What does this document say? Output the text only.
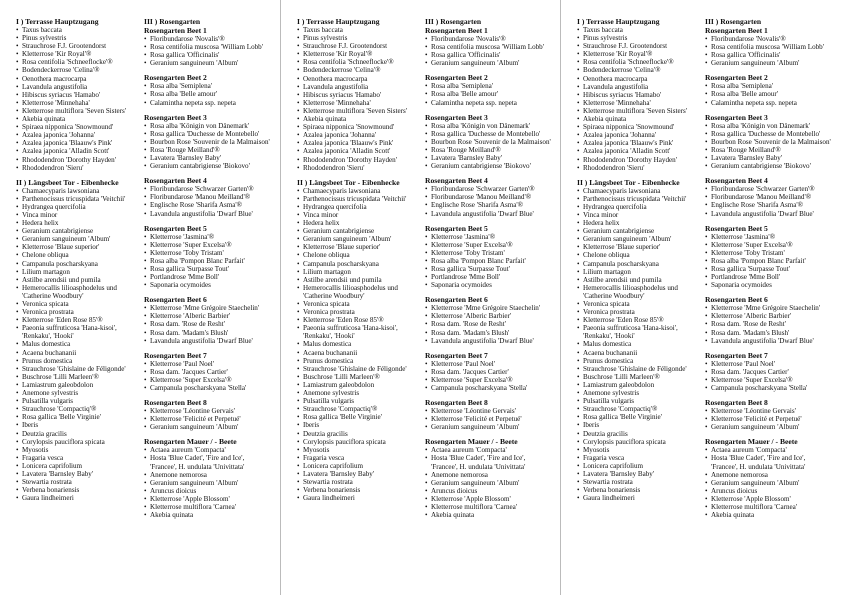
I ) Terrasse Hauptzugang
• Taxus baccata
• Pinus sylvestris
• Strauchrose F.J. Grootendorst
• Kletterrose 'Kir Royal'®
• Rosa centifolia 'Schneeflocke'®
• Bodendeckerrose 'Celina'®
• Oenothera macrocarpa
• Lavandula angustifolia
• Hibiscus syriacus 'Hamabo'
• Kletterrose 'Minnehaha'
• Kletterrose multiflora 'Seven Sisters'
• Akebia quinata
• Spiraea nipponica 'Snowmound'
• Azalea japonica 'Johanna'
• Azalea japonica 'Blaauw's Pink'
• Azalea japonica 'Alladin Scott'
• Rhododendron 'Dorothy Hayden'
• Rhododendron 'Sieru'
II ) Längsbeet Tor - Eibenhecke
• Chamaecyparis lawsoniana
• Parthenocissus tricuspidata 'Veitchii'
• Hydrangea quercifolia
• Vinca minor
• Hedera helix
• Geranium cantabrigiense
• Geranium sanguineum 'Album'
• Kletterrose 'Blaue superior'
• Chelone obliqua
• Campanula poscharskyana
• Lilium martagon
• Astilbe arendsii und pumila
• Hemerocallis lilioasphodelus und 'Catherine Woodbury'
• Veronica spicata
• Veronica prostrata
• Kletterrose 'Eden Rose 85'®
• Paeonia suffruticosa 'Hana-kisoi', 'Renkaku', 'Hooki'
• Malus domestica
• Acaena buchananii
• Prunus domestica
• Strauchrose 'Ghislaine de Féligonde'
• Buschrose 'Lilli Marleen'®
• Lamiastrum galeobdolon
• Anemone sylvestris
• Pulsatilla vulgaris
• Strauchrose 'Compactiq'®
• Rosa gallica 'Belle Virginie'
• Iberis
• Deutzia gracilis
• Corylopsis pauciflora spicata
• Myosotis
• Fragaria vesca
• Lonicera caprifolium
• Lavatera 'Barnsley Baby'
• Stewartia rostrata
• Verbena bonariensis
• Gaura lindheimeri
III ) Rosengarten
Rosengarten Beet 1
• Floribundarose 'Novalis'®
• Rosa centifolia muscosa 'William Lobb'
• Rosa gallica 'Officinalis'
• Geranium sanguineum 'Album'
Rosengarten Beet 2
• Rosa alba 'Semiplena'
• Rosa alba 'Belle amour'
• Calamintha nepeta ssp. nepeta
Rosengarten Beet 3
• Rosa alba 'Königin von Dänemark'
• Rosa gallica 'Duchesse de Montebello'
• Bourbon Rose 'Souvenir de la Malmaison'
• Rosa 'Rouge Meilland'®
• Lavatera 'Barnsley Baby'
• Geranium cantabrigiense 'Biokovo'
Rosengarten Beet 4
• Floribundarose 'Schwarzer Garten'®
• Floribundarose 'Manou Meilland'®
• Englische Rose 'Sharifa Asma'®
• Lavandula angustifolia 'Dwarf Blue'
Rosengarten Beet 5
• Kletterrose 'Jasmina'®
• Kletterrose 'Super Excelsa'®
• Kletterrose 'Toby Tristam'
• Rosa alba 'Pompon Blanc Parfait'
• Rosa gallica 'Surpasse Tout'
• Portlandrose 'Mme Boll'
• Saponaria ocymoides
Rosengarten Beet 6
• Kletterrose 'Mme Grégoire Staechelin'
• Kletterrose 'Alberic Barbier'
• Rosa dam. 'Rose de Resht'
• Rosa dam. 'Madam's Blush'
• Lavandula angustifolia 'Dwarf Blue'
Rosengarten Beet 7
• Kletterrose 'Paul Noel'
• Rosa dam. 'Jacques Cartier'
• Kletterrose 'Super Excelsa'®
• Campanula poscharskyana 'Stella'
Rosengarten Beet 8
• Kletterrose 'Léontine Gervais'
• Kletterrose 'Felicité et Perpetué'
• Geranium sanguineum 'Album'
Rosengarten Mauer / - Beete
• Actaea aureum 'Compacta'
• Hosta 'Blue Cadet', 'Fire and Ice', 'Francee', H. undulata 'Univittata'
• Anemone nemorosa
• Geranium sanguineum 'Album'
• Aruncus dioicus
• Kletterrose 'Apple Blossom'
• Kletterrose multiflora 'Carnea'
• Akebia quinata
I ) Terrasse Hauptzugang
• Taxus baccata
• Pinus sylvestris
• Strauchrose F.J. Grootendorst
• Kletterrose 'Kir Royal'®
• Rosa centifolia 'Schneeflocke'®
• Bodendeckerrose 'Celina'®
• Oenothera macrocarpa
• Lavandula angustifolia
• Hibiscus syriacus 'Hamabo'
• Kletterrose 'Minnehaha'
• Kletterrose multiflora 'Seven Sisters'
• Akebia quinata
• Spiraea nipponica 'Snowmound'
• Azalea japonica 'Johanna'
• Azalea japonica 'Blaauw's Pink'
• Azalea japonica 'Alladin Scott'
• Rhododendron 'Dorothy Hayden'
• Rhododendron 'Sieru'
II ) Längsbeet Tor - Eibenhecke
• Chamaecyparis lawsoniana
• Parthenocissus tricuspidata 'Veitchii'
• Hydrangea quercifolia
• Vinca minor
• Hedera helix
• Geranium cantabrigiense
• Geranium sanguineum 'Album'
• Kletterrose 'Blaue superior'
• Chelone obliqua
• Campanula poscharskyana
• Lilium martagon
• Astilbe arendsii und pumila
• Hemerocallis lilioasphodelus und 'Catherine Woodbury'
• Veronica spicata
• Veronica prostrata
• Kletterrose 'Eden Rose 85'®
• Paeonia suffruticosa 'Hana-kisoi', 'Renkaku', 'Hooki'
• Malus domestica
• Acaena buchananii
• Prunus domestica
• Strauchrose 'Ghislaine de Féligonde'
• Buschrose 'Lilli Marleen'®
• Lamiastrum galeobdolon
• Anemone sylvestris
• Pulsatilla vulgaris
• Strauchrose 'Compactiq'®
• Rosa gallica 'Belle Virginie'
• Iberis
• Deutzia gracilis
• Corylopsis pauciflora spicata
• Myosotis
• Fragaria vesca
• Lonicera caprifolium
• Lavatera 'Barnsley Baby'
• Stewartia rostrata
• Verbena bonariensis
• Gaura lindheimeri
III ) Rosengarten
Rosengarten Beet 1
• Floribundarose 'Novalis'®
• Rosa centifolia muscosa 'William Lobb'
• Rosa gallica 'Officinalis'
• Geranium sanguineum 'Album'
Rosengarten Beet 2
• Rosa alba 'Semiplena'
• Rosa alba 'Belle amour'
• Calamintha nepeta ssp. nepeta
Rosengarten Beet 3
• Rosa alba 'Königin von Dänemark'
• Rosa gallica 'Duchesse de Montebello'
• Bourbon Rose 'Souvenir de la Malmaison'
• Rosa 'Rouge Meilland'®
• Lavatera 'Barnsley Baby'
• Geranium cantabrigiense 'Biokovo'
Rosengarten Beet 4
• Floribundarose 'Schwarzer Garten'®
• Floribundarose 'Manou Meilland'®
• Englische Rose 'Sharifa Asma'®
• Lavandula angustifolia 'Dwarf Blue'
Rosengarten Beet 5
• Kletterrose 'Jasmina'®
• Kletterrose 'Super Excelsa'®
• Kletterrose 'Toby Tristam'
• Rosa alba 'Pompon Blanc Parfait'
• Rosa gallica 'Surpasse Tout'
• Portlandrose 'Mme Boll'
• Saponaria ocymoides
Rosengarten Beet 6
• Kletterrose 'Mme Grégoire Staechelin'
• Kletterrose 'Alberic Barbier'
• Rosa dam. 'Rose de Resht'
• Rosa dam. 'Madam's Blush'
• Lavandula angustifolia 'Dwarf Blue'
Rosengarten Beet 7
• Kletterrose 'Paul Noel'
• Rosa dam. 'Jacques Cartier'
• Kletterrose 'Super Excelsa'®
• Campanula poscharskyana 'Stella'
Rosengarten Beet 8
• Kletterrose 'Léontine Gervais'
• Kletterrose 'Felicité et Perpetué'
• Geranium sanguineum 'Album'
Rosengarten Mauer / - Beete
• Actaea aureum 'Compacta'
• Hosta 'Blue Cadet', 'Fire and Ice', 'Francee', H. undulata 'Univittata'
• Anemone nemorosa
• Geranium sanguineum 'Album'
• Aruncus dioicus
• Kletterrose 'Apple Blossom'
• Kletterrose multiflora 'Carnea'
• Akebia quinata
I ) Terrasse Hauptzugang
• Taxus baccata
• Pinus sylvestris
• Strauchrose F.J. Grootendorst
• Kletterrose 'Kir Royal'®
• Rosa centifolia 'Schneeflocke'®
• Bodendeckerrose 'Celina'®
• Oenothera macrocarpa
• Lavandula angustifolia
• Hibiscus syriacus 'Hamabo'
• Kletterrose 'Minnehaha'
• Kletterrose multiflora 'Seven Sisters'
• Akebia quinata
• Spiraea nipponica 'Snowmound'
• Azalea japonica 'Johanna'
• Azalea japonica 'Blaauw's Pink'
• Azalea japonica 'Alladin Scott'
• Rhododendron 'Dorothy Hayden'
• Rhododendron 'Sieru'
II ) Längsbeet Tor - Eibenhecke
• Chamaecyparis lawsoniana
• Parthenocissus tricuspidata 'Veitchii'
• Hydrangea quercifolia
• Vinca minor
• Hedera helix
• Geranium cantabrigiense
• Geranium sanguineum 'Album'
• Kletterrose 'Blaue superior'
• Chelone obliqua
• Campanula poscharskyana
• Lilium martagon
• Astilbe arendsii und pumila
• Hemerocallis lilioasphodelus und 'Catherine Woodbury'
• Veronica spicata
• Veronica prostrata
• Kletterrose 'Eden Rose 85'®
• Paeonia suffruticosa 'Hana-kisoi', 'Renkaku', 'Hooki'
• Malus domestica
• Acaena buchananii
• Prunus domestica
• Strauchrose 'Ghislaine de Féligonde'
• Buschrose 'Lilli Marleen'®
• Lamiastrum galeobdolon
• Anemone sylvestris
• Pulsatilla vulgaris
• Strauchrose 'Compactiq'®
• Rosa gallica 'Belle Virginie'
• Iberis
• Deutzia gracilis
• Corylopsis pauciflora spicata
• Myosotis
• Fragaria vesca
• Lonicera caprifolium
• Lavatera 'Barnsley Baby'
• Stewartia rostrata
• Verbena bonariensis
• Gaura lindheimeri
III ) Rosengarten
Rosengarten Beet 1
• Floribundarose 'Novalis'®
• Rosa centifolia muscosa 'William Lobb'
• Rosa gallica 'Officinalis'
• Geranium sanguineum 'Album'
Rosengarten Beet 2
• Rosa alba 'Semiplena'
• Rosa alba 'Belle amour'
• Calamintha nepeta ssp. nepeta
Rosengarten Beet 3
• Rosa alba 'Königin von Dänemark'
• Rosa gallica 'Duchesse de Montebello'
• Bourbon Rose 'Souvenir de la Malmaison'
• Rosa 'Rouge Meilland'®
• Lavatera 'Barnsley Baby'
• Geranium cantabrigiense 'Biokovo'
Rosengarten Beet 4
• Floribundarose 'Schwarzer Garten'®
• Floribundarose 'Manou Meilland'®
• Englische Rose 'Sharifa Asma'®
• Lavandula angustifolia 'Dwarf Blue'
Rosengarten Beet 5
• Kletterrose 'Jasmina'®
• Kletterrose 'Super Excelsa'®
• Kletterrose 'Toby Tristam'
• Rosa alba 'Pompon Blanc Parfait'
• Rosa gallica 'Surpasse Tout'
• Portlandrose 'Mme Boll'
• Saponaria ocymoides
Rosengarten Beet 6
• Kletterrose 'Mme Grégoire Staechelin'
• Kletterrose 'Alberic Barbier'
• Rosa dam. 'Rose de Resht'
• Rosa dam. 'Madam's Blush'
• Lavandula angustifolia 'Dwarf Blue'
Rosengarten Beet 7
• Kletterrose 'Paul Noel'
• Rosa dam. 'Jacques Cartier'
• Kletterrose 'Super Excelsa'®
• Campanula poscharskyana 'Stella'
Rosengarten Beet 8
• Kletterrose 'Léontine Gervais'
• Kletterrose 'Felicité et Perpetué'
• Geranium sanguineum 'Album'
Rosengarten Mauer / - Beete
• Actaea aureum 'Compacta'
• Hosta 'Blue Cadet', 'Fire and Ice', 'Francee', H. undulata 'Univittata'
• Anemone nemorosa
• Geranium sanguineum 'Album'
• Aruncus dioicus
• Kletterrose 'Apple Blossom'
• Kletterrose multiflora 'Carnea'
• Akebia quinata
